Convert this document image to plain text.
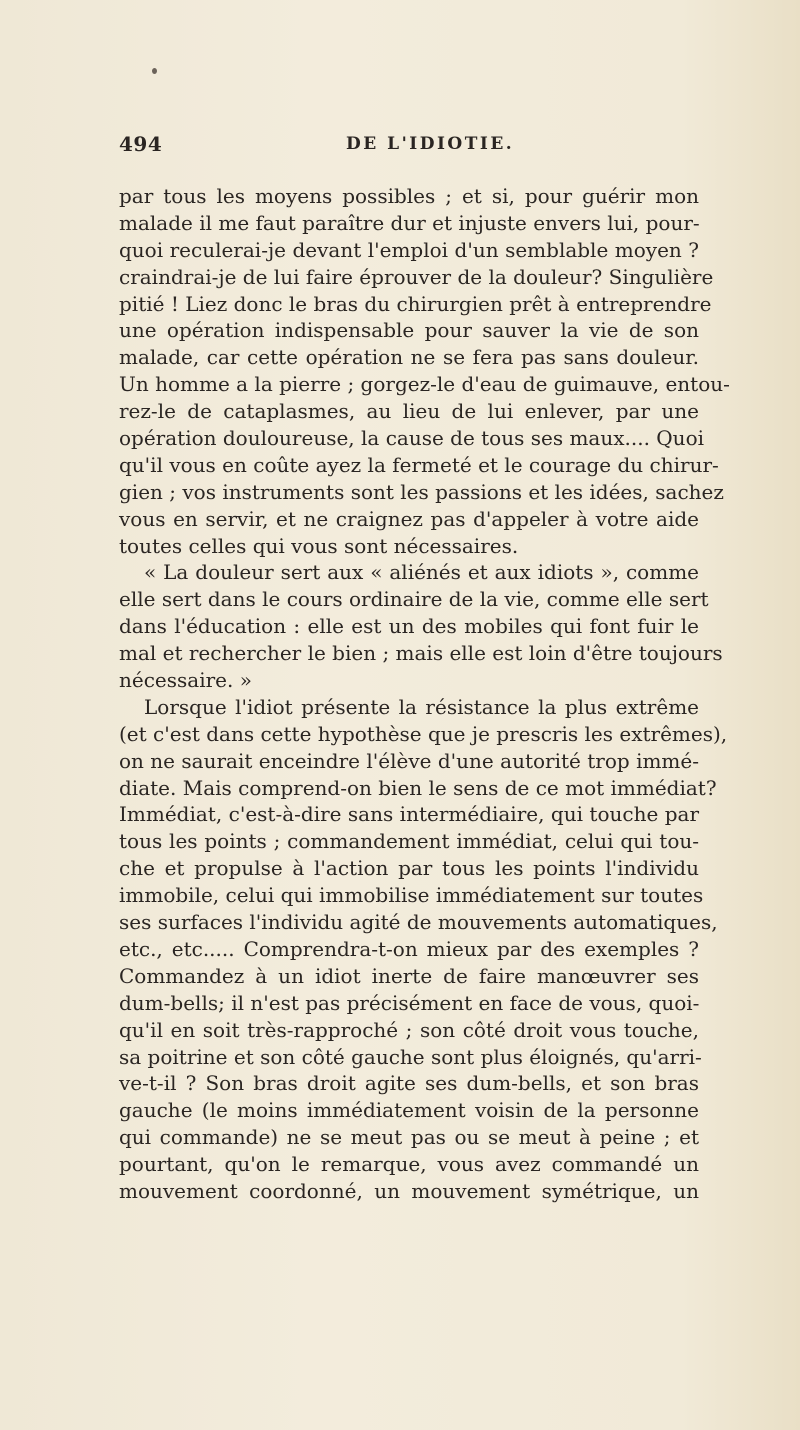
494	DE L'IDIOTIE.
par tous les moyens possibles ; et si, pour guérir mon
malade il me faut paraître dur et injuste envers lui, pour-
quoi reculerai-je devant l'emploi d'un semblable moyen ?
craindrai-je de lui faire éprouver de la douleur? Singulière
pitié ! Liez donc le bras du chirurgien prêt à entreprendre
une opération indispensable pour sauver la vie de son
malade, car cette opération ne se fera pas sans douleur.
Un homme a la pierre ; gorgez-le d'eau de guimauve, entou-
rez-le de cataplasmes, au lieu de lui enlever, par une
opération douloureuse, la cause de tous ses maux.... Quoi
qu'il vous en coûte ayez la fermeté et le courage du chirur-
gien ; vos instruments sont les passions et les idées, sachez
vous en servir, et ne craignez pas d'appeler à votre aide
toutes celles qui vous sont nécessaires.
« La douleur sert aux « aliénés et aux idiots », comme
elle sert dans le cours ordinaire de la vie, comme elle sert
dans l'éducation : elle est un des mobiles qui font fuir le
mal et rechercher le bien ; mais elle est loin d'être toujours
nécessaire. »
Lorsque l'idiot présente la résistance la plus extrême
(et c'est dans cette hypothèse que je prescris les extrêmes),
on ne saurait enceindre l'élève d'une autorité trop immé-
diate. Mais comprend-on bien le sens de ce mot immédiat?
Immédiat, c'est-à-dire sans intermédiaire, qui touche par
tous les points ; commandement immédiat, celui qui tou-
che et propulse à l'action par tous les points l'individu
immobile, celui qui immobilise immédiatement sur toutes
ses surfaces l'individu agité de mouvements automatiques,
etc., etc..... Comprendra-t-on mieux par des exemples ?
Commandez à un idiot inerte de faire manœuvrer ses
dum-bells; il n'est pas précisément en face de vous, quoi-
qu'il en soit très-rapproché ; son côté droit vous touche,
sa poitrine et son côté gauche sont plus éloignés, qu'arri-
ve-t-il ? Son bras droit agite ses dum-bells, et son bras
gauche (le moins immédiatement voisin de la personne
qui commande) ne se meut pas ou se meut à peine ; et
pourtant, qu'on le remarque, vous avez commandé un
mouvement coordonné, un mouvement symétrique, un
